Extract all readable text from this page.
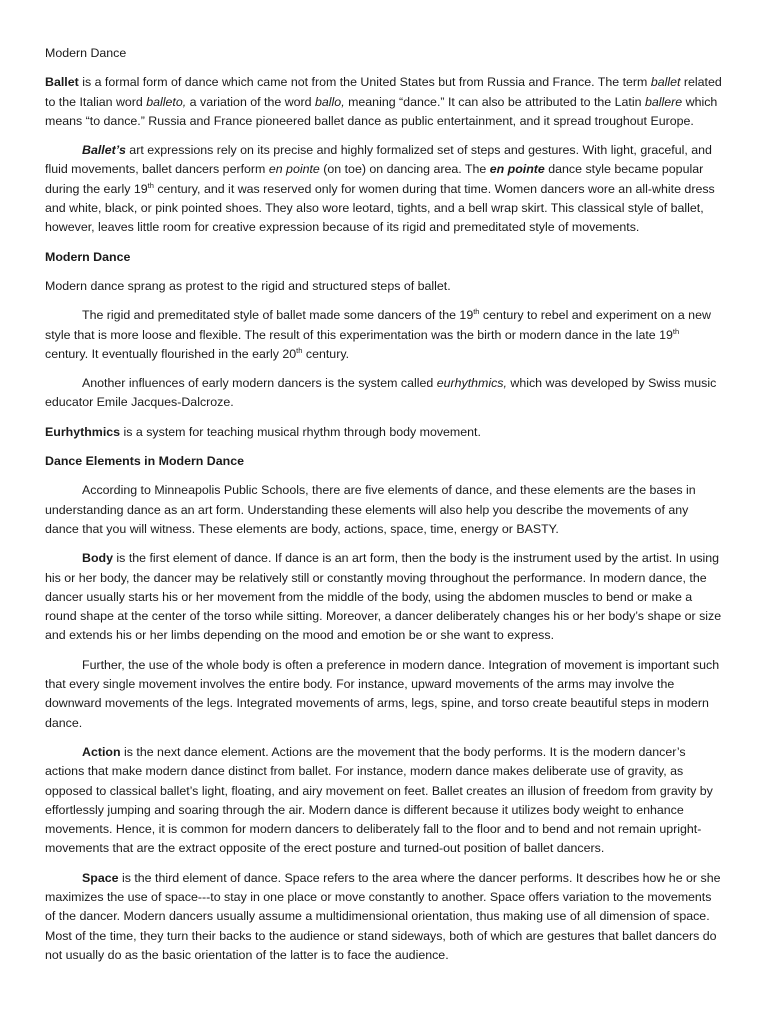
Modern Dance

Ballet is a formal form of dance which came not from the United States but from Russia and France. The term ballet related to the Italian word balleto, a variation of the word ballo, meaning “dance.” It can also be attributed to the Latin ballere which means “to dance.” Russia and France pioneered ballet dance as public entertainment, and it spread troughout Europe.

Ballet’s art expressions rely on its precise and highly formalized set of steps and gestures. With light, graceful, and fluid movements, ballet dancers perform en pointe (on toe) on dancing area. The en pointe dance style became popular during the early 19th century, and it was reserved only for women during that time. Women dancers wore an all-white dress and white, black, or pink pointed shoes. They also wore leotard, tights, and a bell wrap skirt. This classical style of ballet, however, leaves little room for creative expression because of its rigid and premeditated style of movements.

Modern Dance

Modern dance sprang as protest to the rigid and structured steps of ballet.

The rigid and premeditated style of ballet made some dancers of the 19th century to rebel and experiment on a new style that is more loose and flexible. The result of this experimentation was the birth or modern dance in the late 19th century. It eventually flourished in the early 20th century.

Another influences of early modern dancers is the system called eurhythmics, which was developed by Swiss music educator Emile Jacques-Dalcroze.

Eurhythmics is a system for teaching musical rhythm through body movement.

Dance Elements in Modern Dance

According to Minneapolis Public Schools, there are five elements of dance, and these elements are the bases in understanding dance as an art form. Understanding these elements will also help you describe the movements of any dance that you will witness. These elements are body, actions, space, time, energy or BASTY.

Body is the first element of dance. If dance is an art form, then the body is the instrument used by the artist. In using his or her body, the dancer may be relatively still or constantly moving throughout the performance. In modern dance, the dancer usually starts his or her movement from the middle of the body, using the abdomen muscles to bend or make a round shape at the center of the torso while sitting. Moreover, a dancer deliberately changes his or her body’s shape or size and extends his or her limbs depending on the mood and emotion be or she want to express.

Further, the use of the whole body is often a preference in modern dance. Integration of movement is important such that every single movement involves the entire body. For instance, upward movements of the arms may involve the downward movements of the legs. Integrated movements of arms, legs, spine, and torso create beautiful steps in modern dance.

Action is the next dance element. Actions are the movement that the body performs. It is the modern dancer’s actions that make modern dance distinct from ballet. For instance, modern dance makes deliberate use of gravity, as opposed to classical ballet’s light, floating, and airy movement on feet. Ballet creates an illusion of freedom from gravity by effortlessly jumping and soaring through the air. Modern dance is different because it utilizes body weight to enhance movements. Hence, it is common for modern dancers to deliberately fall to the floor and to bend and not remain upright-movements that are the extract opposite of the erect posture and turned-out position of ballet dancers.

Space is the third element of dance. Space refers to the area where the dancer performs. It describes how he or she maximizes the use of space---to stay in one place or move constantly to another. Space offers variation to the movements of the dancer. Modern dancers usually assume a multidimensional orientation, thus making use of all dimension of space. Most of the time, they turn their backs to the audience or stand sideways, both of which are gestures that ballet dancers do not usually do as the basic orientation of the latter is to face the audience.
